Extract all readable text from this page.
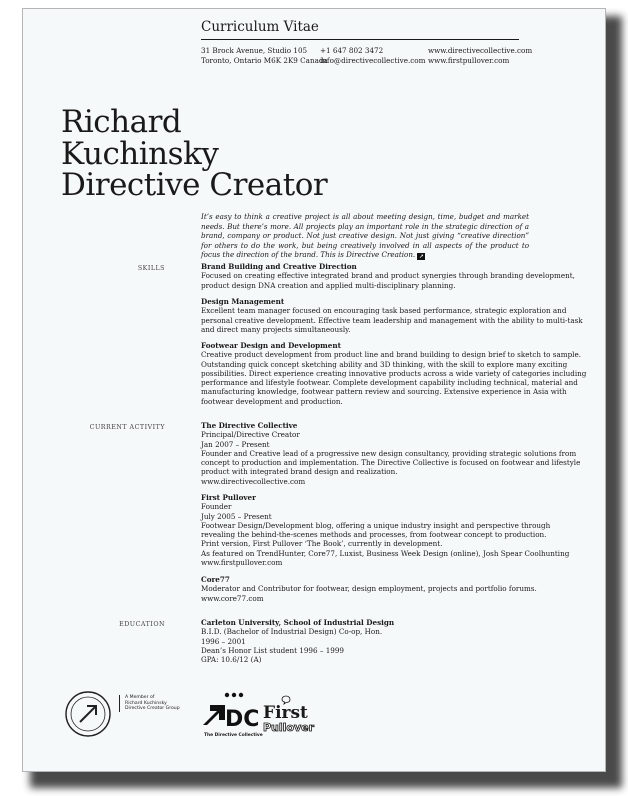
Curriculum Vitae
31 Brock Avenue, Studio 105
Toronto, Ontario M6K 2K9 Canada
+1 647 802 3472
info@directivecollective.com
www.directivecollective.com
www.firstpullover.com
Richard
Kuchinsky
Directive Creator
It’s easy to think a creative project is all about meeting design, time, budget and market needs. But there’s more. All projects play an important role in the strategic direction of a brand, company or product. Not just creative design. Not just giving “creative direction” for others to do the work, but being creatively involved in all aspects of the product to focus the direction of the brand. This is Directive Creation. ➚
SKILLS	Brand Building and Creative Direction
Focused on creating effective integrated brand and product synergies through branding development,
product design DNA creation and applied multi-disciplinary planning.
Design Management
Excellent team manager focused on encouraging task based performance, strategic exploration and
personal creative development. Effective team leadership and management with the ability to multi-task
and direct many projects simultaneously.
Footwear Design and Development
Creative product development from product line and brand building to design brief to sketch to sample.
Outstanding quick concept sketching ability and 3D thinking, with the skill to explore many exciting
possibilities. Direct experience creating innovative products across a wide variety of categories including
performance and lifestyle footwear. Complete development capability including technical, material and
manufacturing knowledge, footwear pattern review and sourcing. Extensive experience in Asia with
footwear development and production.
CURRENT ACTIVITY	The Directive Collective
Principal/Directive Creator
Jan 2007 – Present
Founder and Creative lead of a progressive new design consultancy, providing strategic solutions from
concept to production and implementation. The Directive Collective is focused on footwear and lifestyle
product with integrated brand design and realization.
www.directivecollective.com
First Pullover
Founder
July 2005 – Present
Footwear Design/Development blog, offering a unique industry insight and perspective through
revealing the behind-the-scenes methods and processes, from footwear concept to production.
Print version, First Pullover ‘The Book’, currently in development.
As featured on TrendHunter, Core77, Luxist, Business Week Design (online), Josh Spear Coolhunting
www.firstpullover.com
Core77
Moderator and Contributor for footwear, design employment, projects and portfolio forums.
www.core77.com
EDUCATION	Carleton University, School of Industrial Design
B.I.D. (Bachelor of Industrial Design) Co-op, Hon.
1996 – 2001
Dean’s Honor List student 1996 – 1999
GPA: 10.6/12 (A)
A Member of
Richard Kuchinsky
Directive Creator Group DC
The Directive Collective
First
Pullover
